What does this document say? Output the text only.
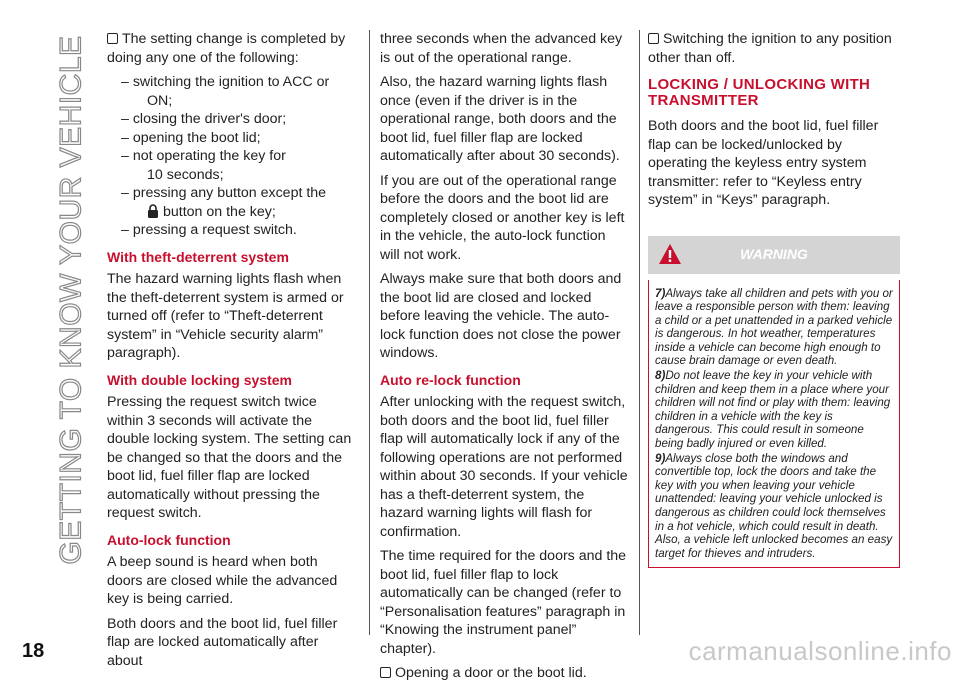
GETTING TO KNOW YOUR VEHICLE	The setting change is completed by doing any one of the following:

– switching the ignition to ACC or
ON;
– closing the driver's door;
– opening the boot lid;
– not operating the key for
10 seconds;
– pressing any button except the
button on the key;
– pressing a request switch.
With theft-deterrent system

The hazard warning lights flash when the theft-deterrent system is armed or turned off (refer to “Theft-deterrent system” in “Vehicle security alarm” paragraph).

With double locking system

Pressing the request switch twice within 3 seconds will activate the double locking system. The setting can be changed so that the doors and the boot lid, fuel filler flap are locked automatically without pressing the request switch.

Auto-lock function

A beep sound is heard when both doors are closed while the advanced key is being carried.

Both doors and the boot lid, fuel filler flap are locked automatically after about

three seconds when the advanced key is out of the operational range.

Also, the hazard warning lights flash once (even if the driver is in the operational range, both doors and the boot lid, fuel filler flap are locked automatically after about 30 seconds).

If you are out of the operational range before the doors and the boot lid are completely closed or another key is left in the vehicle, the auto-lock function will not work.

Always make sure that both doors and the boot lid are closed and locked before leaving the vehicle. The auto-lock function does not close the power windows.

Auto re-lock function

After unlocking with the request switch, both doors and the boot lid, fuel filler flap will automatically lock if any of the following operations are not performed within about 30 seconds. If your vehicle has a theft-deterrent system, the hazard warning lights will flash for confirmation.

The time required for the doors and the boot lid, fuel filler flap to lock automatically can be changed (refer to “Personalisation features” paragraph in “Knowing the instrument panel” chapter).

Opening a door or the boot lid.

Switching the ignition to any position other than off.

LOCKING / UNLOCKING WITH TRANSMITTER

Both doors and the boot lid, fuel filler flap can be locked/unlocked by operating the keyless entry system transmitter: refer to “Keyless entry system” in “Keys” paragraph.

WARNING
7)Always take all children and pets with you or leave a responsible person with them: leaving a child or a pet unattended in a parked vehicle is dangerous. In hot weather, temperatures inside a vehicle can become high enough to cause brain damage or even death.
8)Do not leave the key in your vehicle with children and keep them in a place where your children will not find or play with them: leaving children in a vehicle with the key is dangerous. This could result in someone being badly injured or even killed.
9)Always close both the windows and convertible top, lock the doors and take the key with you when leaving your vehicle unattended: leaving your vehicle unlocked is dangerous as children could lock themselves in a hot vehicle, which could result in death. Also, a vehicle left unlocked becomes an easy target for thieves and intruders.
18	carmanualsonline.info
